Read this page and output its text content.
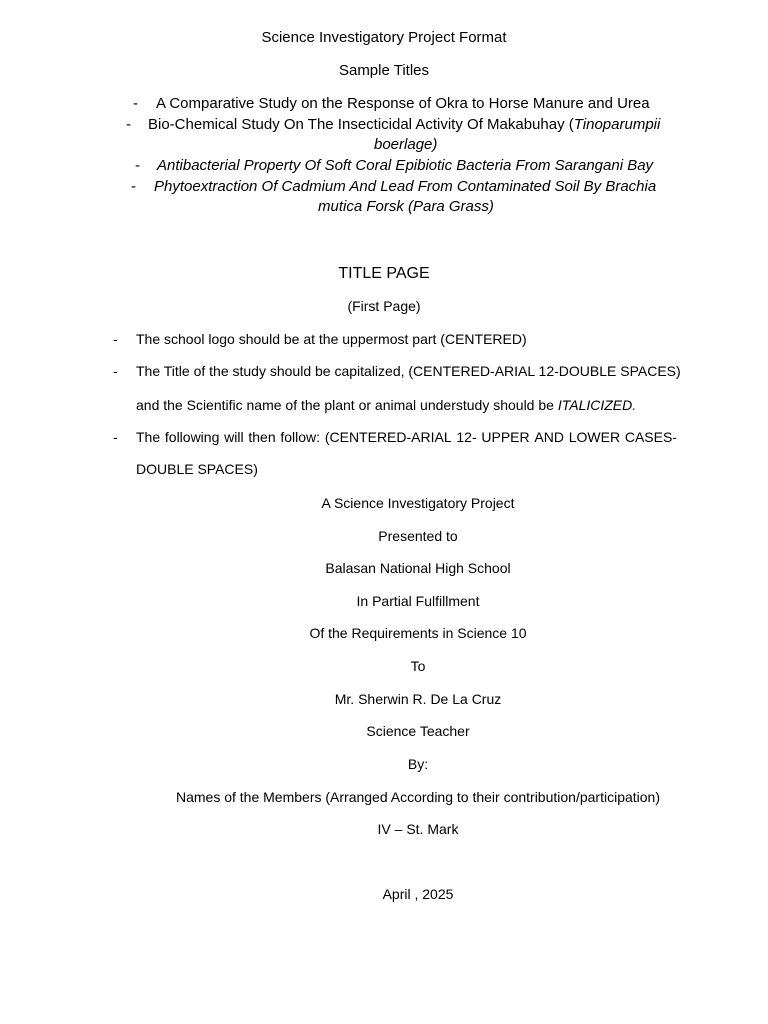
Science Investigatory Project Format
Sample Titles
- A Comparative Study on the Response of Okra to Horse Manure and Urea
- Bio-Chemical Study On The Insecticidal Activity Of Makabuhay (Tinoparumpii
boerlage)
- Antibacterial Property Of Soft Coral Epibiotic Bacteria From Sarangani Bay
- Phytoextraction Of Cadmium And Lead From Contaminated Soil By Brachia
mutica Forsk (Para Grass)
TITLE PAGE
(First Page)
- The school logo should be at the uppermost part (CENTERED)
- The Title of the study should be capitalized, (CENTERED-ARIAL 12-DOUBLE SPACES)
and the Scientific name of the plant or animal understudy should be ITALICIZED.
- The following will then follow: (CENTERED-ARIAL 12- UPPER AND LOWER CASES-
DOUBLE SPACES)
A Science Investigatory Project
Presented to
Balasan National High School
In Partial Fulfillment
Of the Requirements in Science 10
To
Mr. Sherwin R. De La Cruz
Science Teacher
By:
Names of the Members (Arranged According to their contribution/participation)
IV – St. Mark
April , 2025
